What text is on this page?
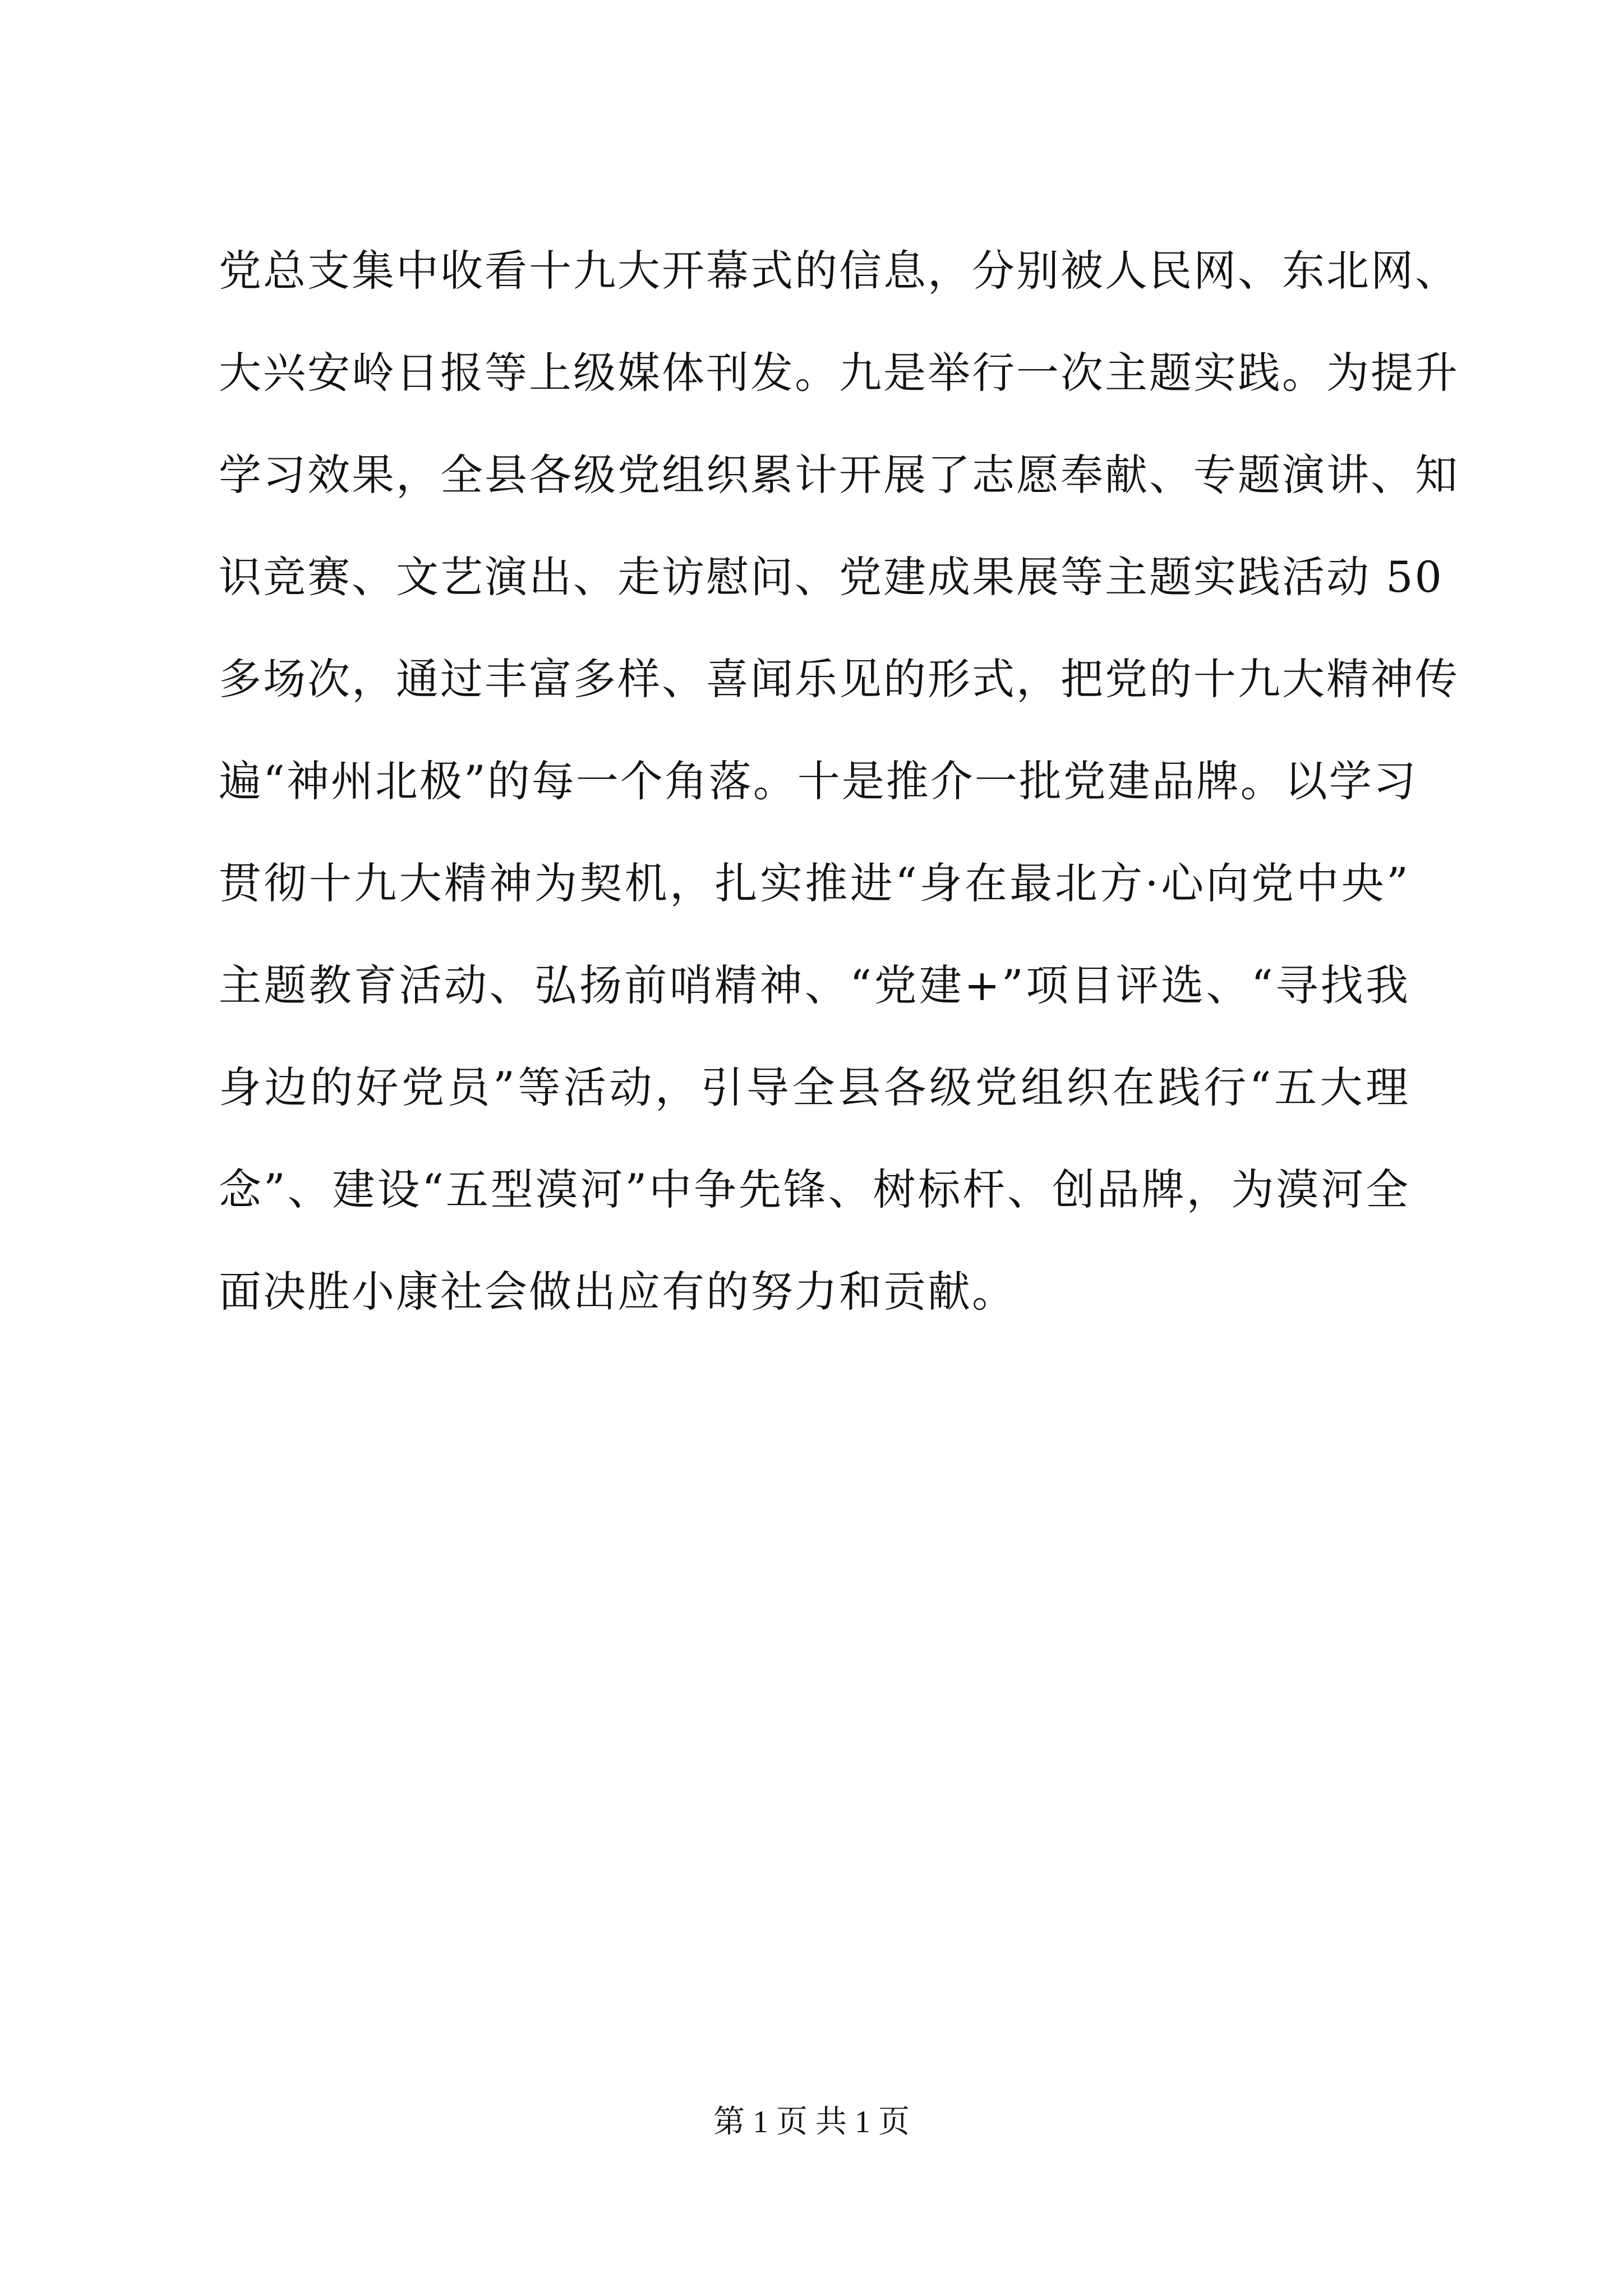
党总支集中收看十九大开幕式的信息，分别被人民网、东北网、
大兴安岭日报等上级媒体刊发。九是举行一次主题实践。为提升
学习效果，全县各级党组织累计开展了志愿奉献、专题演讲、知
识竞赛、文艺演出、走访慰问、党建成果展等主题实践活动 50
多场次，通过丰富多样、喜闻乐见的形式，把党的十九大精神传
遍“神州北极”的每一个角落。十是推介一批党建品牌。以学习
贯彻十九大精神为契机，扎实推进“身在最北方·心向党中央”
主题教育活动、弘扬前哨精神、“党建+”项目评选、“寻找我
身边的好党员”等活动，引导全县各级党组织在践行“五大理
念”、建设“五型漠河”中争先锋、树标杆、创品牌，为漠河全
面决胜小康社会做出应有的努力和贡献。
第 1 页 共 1 页
